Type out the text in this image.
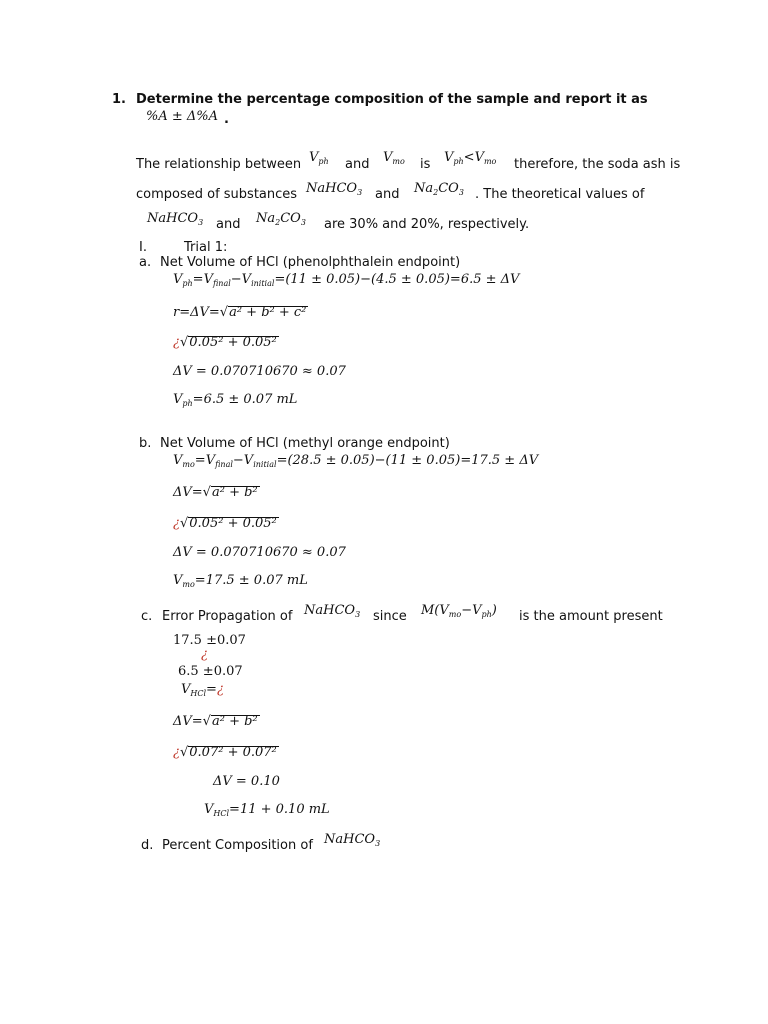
1. Determine the percentage composition of the sample and report it as
%A ± Δ%A .
The relationship between $V_{ph}$ and $V_{mo}$ is $V_{ph}<V_{mo}$ therefore, the soda ash is
composed of substances NaHCO$_3$ and $Na_2CO_3$ . The theoretical values of
NaHCO$_3$ and $Na_2CO_3$ are 30% and 20%, respectively.
I.	Trial 1:
a. Net Volume of HCl (phenolphthalein endpoint)
$V_{ph}=V_{final}-V_{initial}=(11 \pm 0.05)-(4.5 \pm 0.05)=6.5 \pm \Delta V$
r=ΔV=√a² + b² + c²
¿√0.05² + 0.05²
ΔV = 0.070710670 ≈ 0.07
$V_{ph}=6.5 \pm 0.07$ mL
b. Net Volume of HCl (methyl orange endpoint)
$V_{mo}=V_{final}-V_{initial}=(28.5 \pm 0.05)-(11 \pm 0.05)=17.5 \pm \Delta V$
ΔV=√a² + b²
¿√0.05² + 0.05²
ΔV = 0.070710670 ≈ 0.07
$V_{mo}=17.5 \pm 0.07$ mL
c. Error Propagation of NaHCO$_3$ since $M(V_{mo}-V_{ph})$ is the amount present
17.5 ±0.07
¿
6.5 ±0.07
$V_{HCl}=¿$
ΔV=√a² + b²
¿√0.07² + 0.07²
ΔV = 0.10
$V_{HCl}=11 + 0.10$ mL
d. Percent Composition of NaHCO$_3$
